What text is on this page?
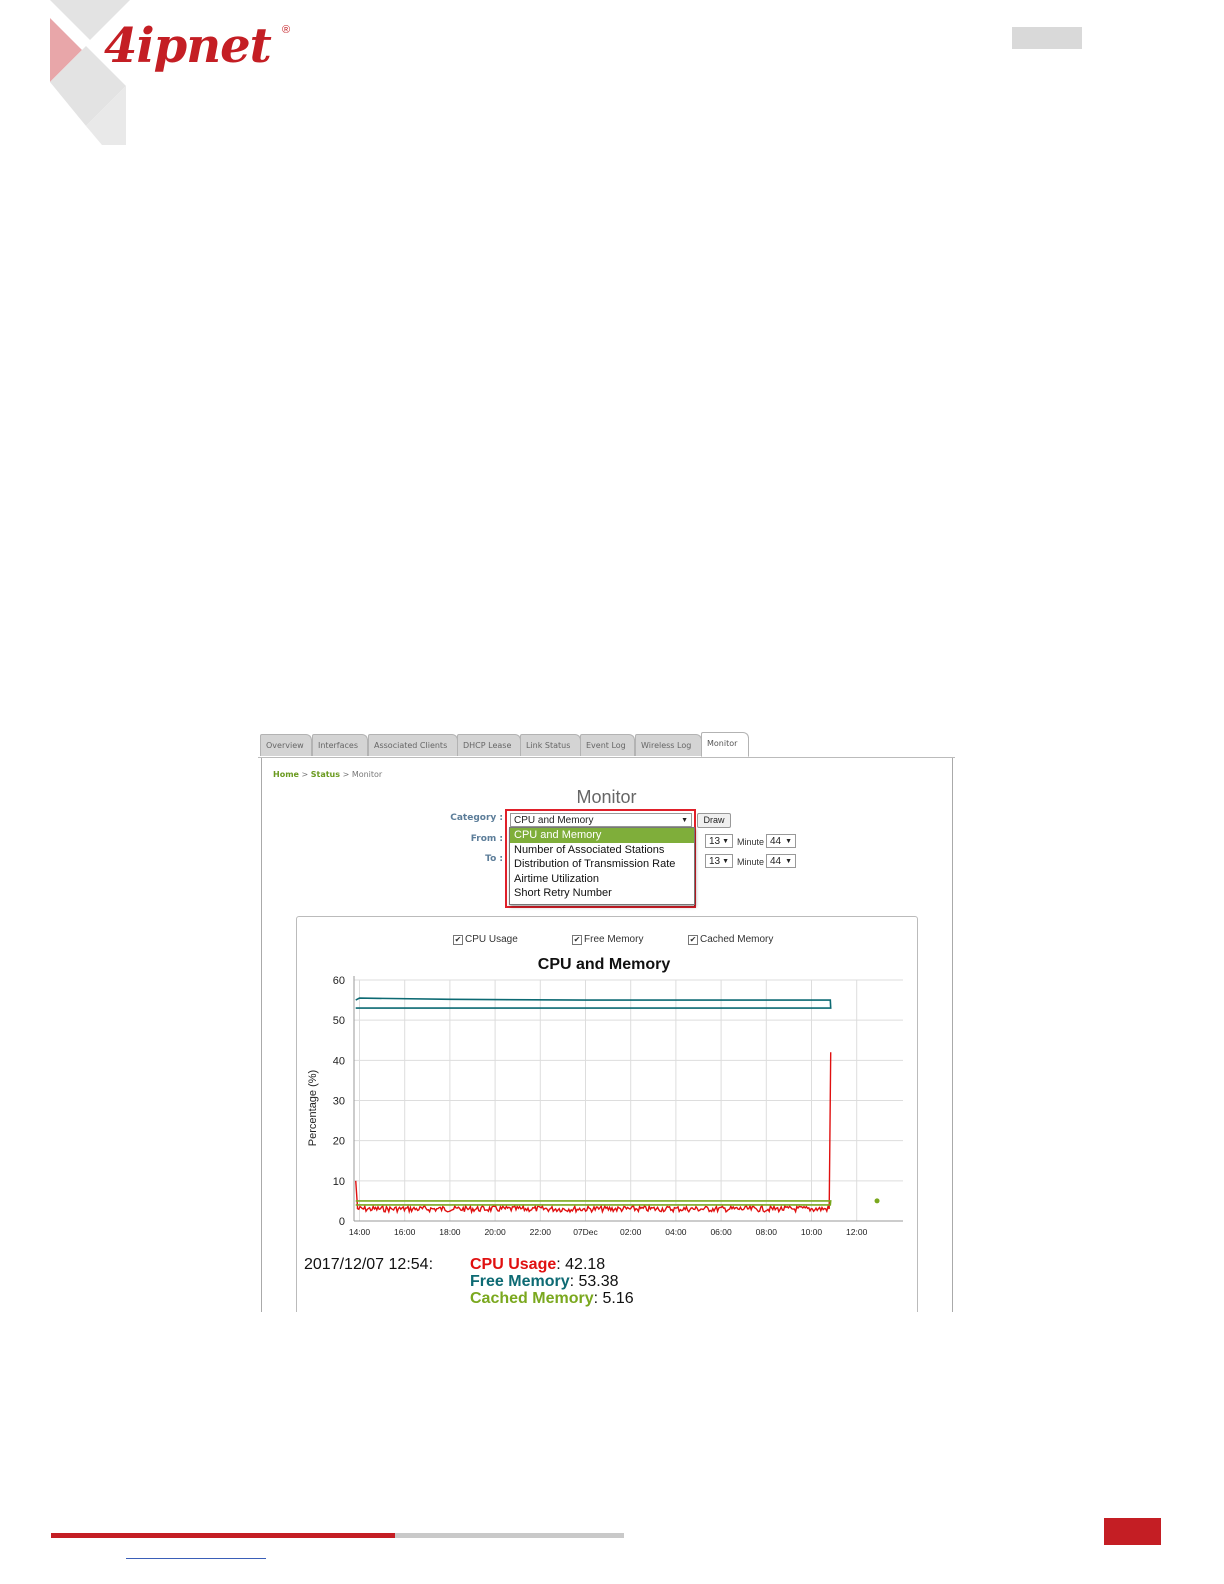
4ipnet ®
Overview	Interfaces	Associated Clients	DHCP Lease	Link Status	Event Log	Wireless Log	Monitor
Home > Status > Monitor
Monitor
Category :	CPU and Memory	▼	Draw
From :	13 ▼ Minute 44 ▼
To :	13 ▼ Minute 44 ▼
CPU and Memory
Number of Associated Stations
Distribution of Transmission Rate
Airtime Utilization
Short Retry Number
✔ CPU Usage	✔ Free Memory	✔ Cached Memory
0
10
20
30
40
50
60
14:00	16:00	18:00	20:00	22:00	07Dec	02:00	04:00	06:00	08:00	10:00	12:00
CPU and Memory
Percentage (%)
2017/12/07 12:54: CPU Usage: 42.18
Free Memory: 53.38
Cached Memory: 5.16
